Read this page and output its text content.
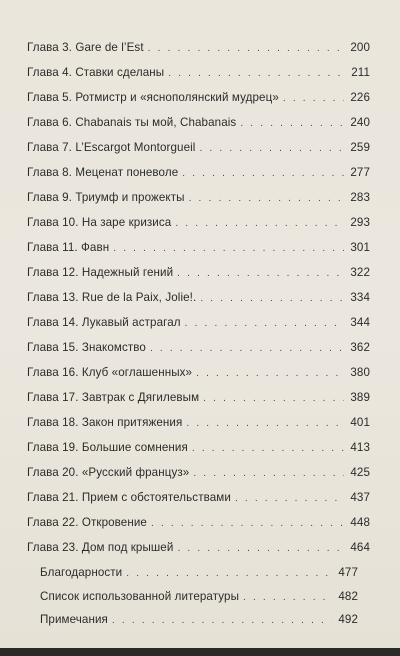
Глава 3. Gare de l’Est . . .	200
Глава 4. Ставки сделаны . . .	211
Глава 5. Ротмистр и «яснополянский мудрец» . . .	226
Глава 6. Chabanais ты мой, Chabanais . . .	240
Глава 7. L’Escargot Montorgueil . . .	259
Глава 8. Меценат поневоле . . .	277
Глава 9. Триумф и прожекты . . .	283
Глава 10. На заре кризиса . . .	293
Глава 11. Фавн . . .	301
Глава 12. Надежный гений . . .	322
Глава 13. Rue de la Paix, Jolie!. . . .	334
Глава 14. Лукавый астрагал . . .	344
Глава 15. Знакомство . . .	362
Глава 16. Клуб «оглашенных» . . .	380
Глава 17. Завтрак с Дягилевым . . .	389
Глава 18. Закон притяжения . . .	401
Глава 19. Большие сомнения . . .	413
Глава 20. «Русский француз» . . .	425
Глава 21. Прием с обстоятельствами . . .	437
Глава 22. Откровение . . .	448
Глава 23. Дом под крышей . . .	464
Благодарности . . .	477
Список использованной литературы . . .	482
Примечания . . .	492
